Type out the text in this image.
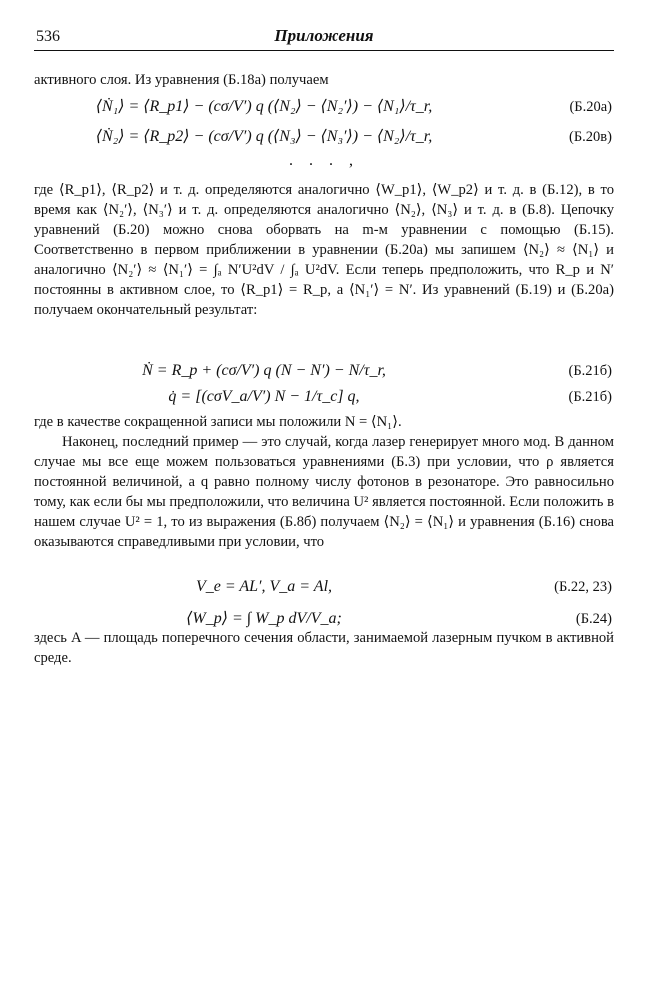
536	Приложения

активного слоя. Из уравнения (Б.18а) получаем

⟨Ṅ₁⟩ = ⟨R_p1⟩ − (cσ/V′) q (⟨N₂⟩ − ⟨N₂′⟩) − ⟨N₁⟩/τ_r,	(Б.20а)
⟨Ṅ₂⟩ = ⟨R_p2⟩ − (cσ/V′) q (⟨N₃⟩ − ⟨N₃′⟩) − ⟨N₂⟩/τ_r,	(Б.20в)
. . . ,

где ⟨R_p1⟩, ⟨R_p2⟩ и т. д. определяются аналогично ⟨W_p1⟩, ⟨W_p2⟩ и т. д. в (Б.12), в то время как ⟨N₂′⟩, ⟨N₃′⟩ и т. д. определяются аналогично ⟨N₂⟩, ⟨N₃⟩ и т. д. в (Б.8). Цепочку уравнений (Б.20) можно снова оборвать на m-м уравнении с помощью (Б.15). Соответственно в первом приближении в уравнении (Б.20а) мы запишем ⟨N₂⟩ ≈ ⟨N₁⟩ и аналогично ⟨N₂′⟩ ≈ ⟨N₁′⟩ = ∫ₐ N′U²dV / ∫ₐ U²dV. Если теперь предположить, что R_p и N′ постоянны в активном слое, то ⟨R_p1⟩ = R_p, а ⟨N₁′⟩ = N′. Из уравнений (Б.19) и (Б.20а) получаем окончательный результат:

Ṅ = R_p + (cσ/V′) q (N − N′) − N/τ_r,	(Б.21б)
q̇ = [(cσV_a/V′) N − 1/τ_c] q,	(Б.21б)

где в качестве сокращенной записи мы положили N = ⟨N₁⟩.

Наконец, последний пример — это случай, когда лазер генерирует много мод. В данном случае мы все еще можем пользоваться уравнениями (Б.3) при условии, что ρ является постоянной величиной, а q равно полному числу фотонов в резонаторе. Это равносильно тому, как если бы мы предположили, что величина U² является постоянной. Если положить в нашем случае U² = 1, то из выражения (Б.8б) получаем ⟨N₂⟩ = ⟨N₁⟩ и уравнения (Б.16) снова оказываются справедливыми при условии, что

V_e = AL′, V_a = Al,	(Б.22, 23)
⟨W_p⟩ = ∫ W_p dV/V_a;	(Б.24)

здесь A — площадь поперечного сечения области, занимаемой лазерным пучком в активной среде.
